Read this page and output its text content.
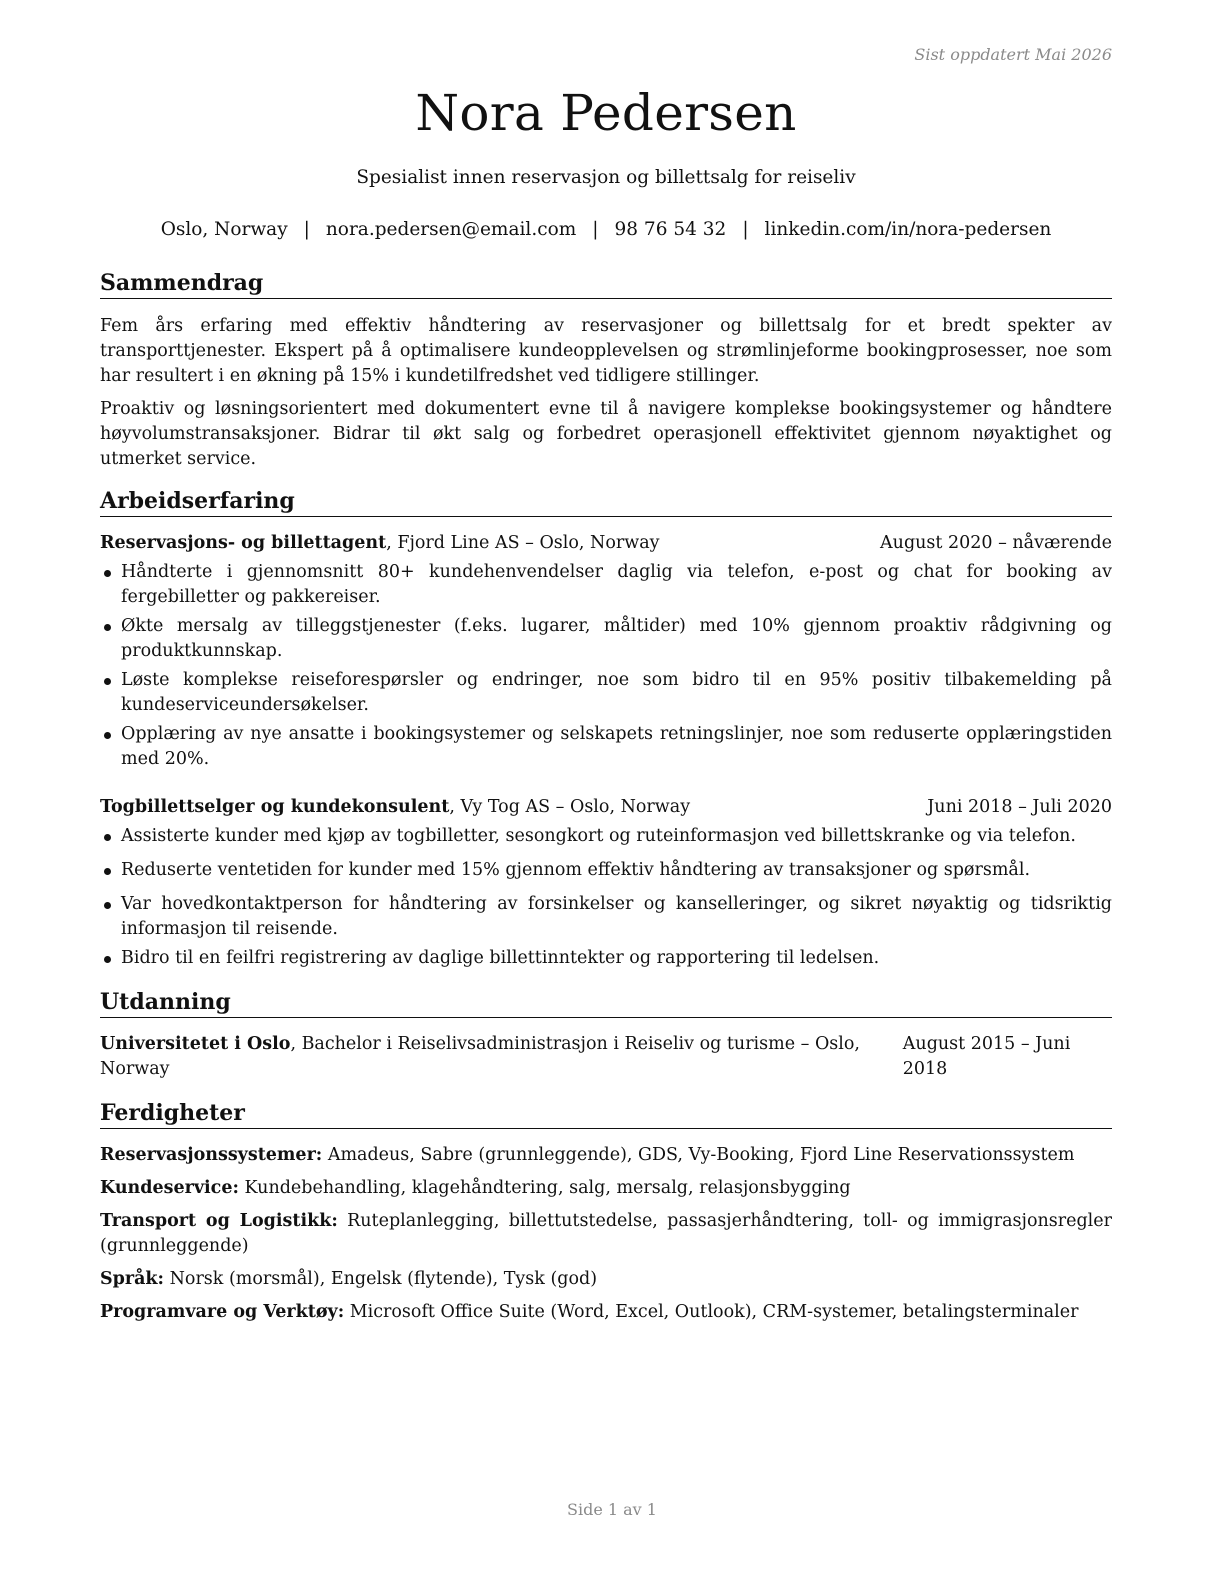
Sist oppdatert Mai 2026
Nora Pedersen
Spesialist innen reservasjon og billettsalg for reiseliv
Oslo, Norway | nora.pedersen@email.com | 98 76 54 32 | linkedin.com/in/nora-pedersen
Sammendrag

Fem års erfaring med effektiv håndtering av reservasjoner og billettsalg for et bredt spekter av transporttjenester. Ekspert på å optimalisere kundeopplevelsen og strømlinjeforme bookingprosesser, noe som har resultert i en økning på 15% i kundetilfredshet ved tidligere stillinger.

Proaktiv og løsningsorientert med dokumentert evne til å navigere komplekse bookingsystemer og håndtere høyvolumstransaksjoner. Bidrar til økt salg og forbedret operasjonell effektivitet gjennom nøyaktighet og utmerket service.

Arbeidserfaring
Reservasjons- og billettagent, Fjord Line AS – Oslo, Norway	August 2020 – nåværende
Håndterte i gjennomsnitt 80+ kundehenvendelser daglig via telefon, e-post og chat for booking av fergebilletter og pakkereiser.
Økte mersalg av tilleggstjenester (f.eks. lugarer, måltider) med 10% gjennom proaktiv rådgivning og produktkunnskap.
Løste komplekse reiseforespørsler og endringer, noe som bidro til en 95% positiv tilbakemelding på kundeserviceundersøkelser.
Opplæring av nye ansatte i bookingsystemer og selskapets retningslinjer, noe som reduserte opplæringstiden med 20%.
Togbillettselger og kundekonsulent, Vy Tog AS – Oslo, Norway	Juni 2018 – Juli 2020
Assisterte kunder med kjøp av togbilletter, sesongkort og ruteinformasjon ved billettskranke og via telefon.
Reduserte ventetiden for kunder med 15% gjennom effektiv håndtering av transaksjoner og spørsmål.
Var hovedkontaktperson for håndtering av forsinkelser og kanselleringer, og sikret nøyaktig og tidsriktig informasjon til reisende.
Bidro til en feilfri registrering av daglige billettinntekter og rapportering til ledelsen.
Utdanning
Universitetet i Oslo, Bachelor i Reiselivsadministrasjon i Reiseliv og turisme – Oslo, Norway
August 2015 – Juni 2018
Ferdigheter

Reservasjonssystemer: Amadeus, Sabre (grunnleggende), GDS, Vy-Booking, Fjord Line Reservationssystem

Kundeservice: Kundebehandling, klagehåndtering, salg, mersalg, relasjonsbygging

Transport og Logistikk: Ruteplanlegging, billettutstedelse, passasjerhåndtering, toll- og immigrasjonsregler (grunnleggende)

Språk: Norsk (morsmål), Engelsk (flytende), Tysk (god)

Programvare og Verktøy: Microsoft Office Suite (Word, Excel, Outlook), CRM-systemer, betalingsterminaler

Side 1 av 1
